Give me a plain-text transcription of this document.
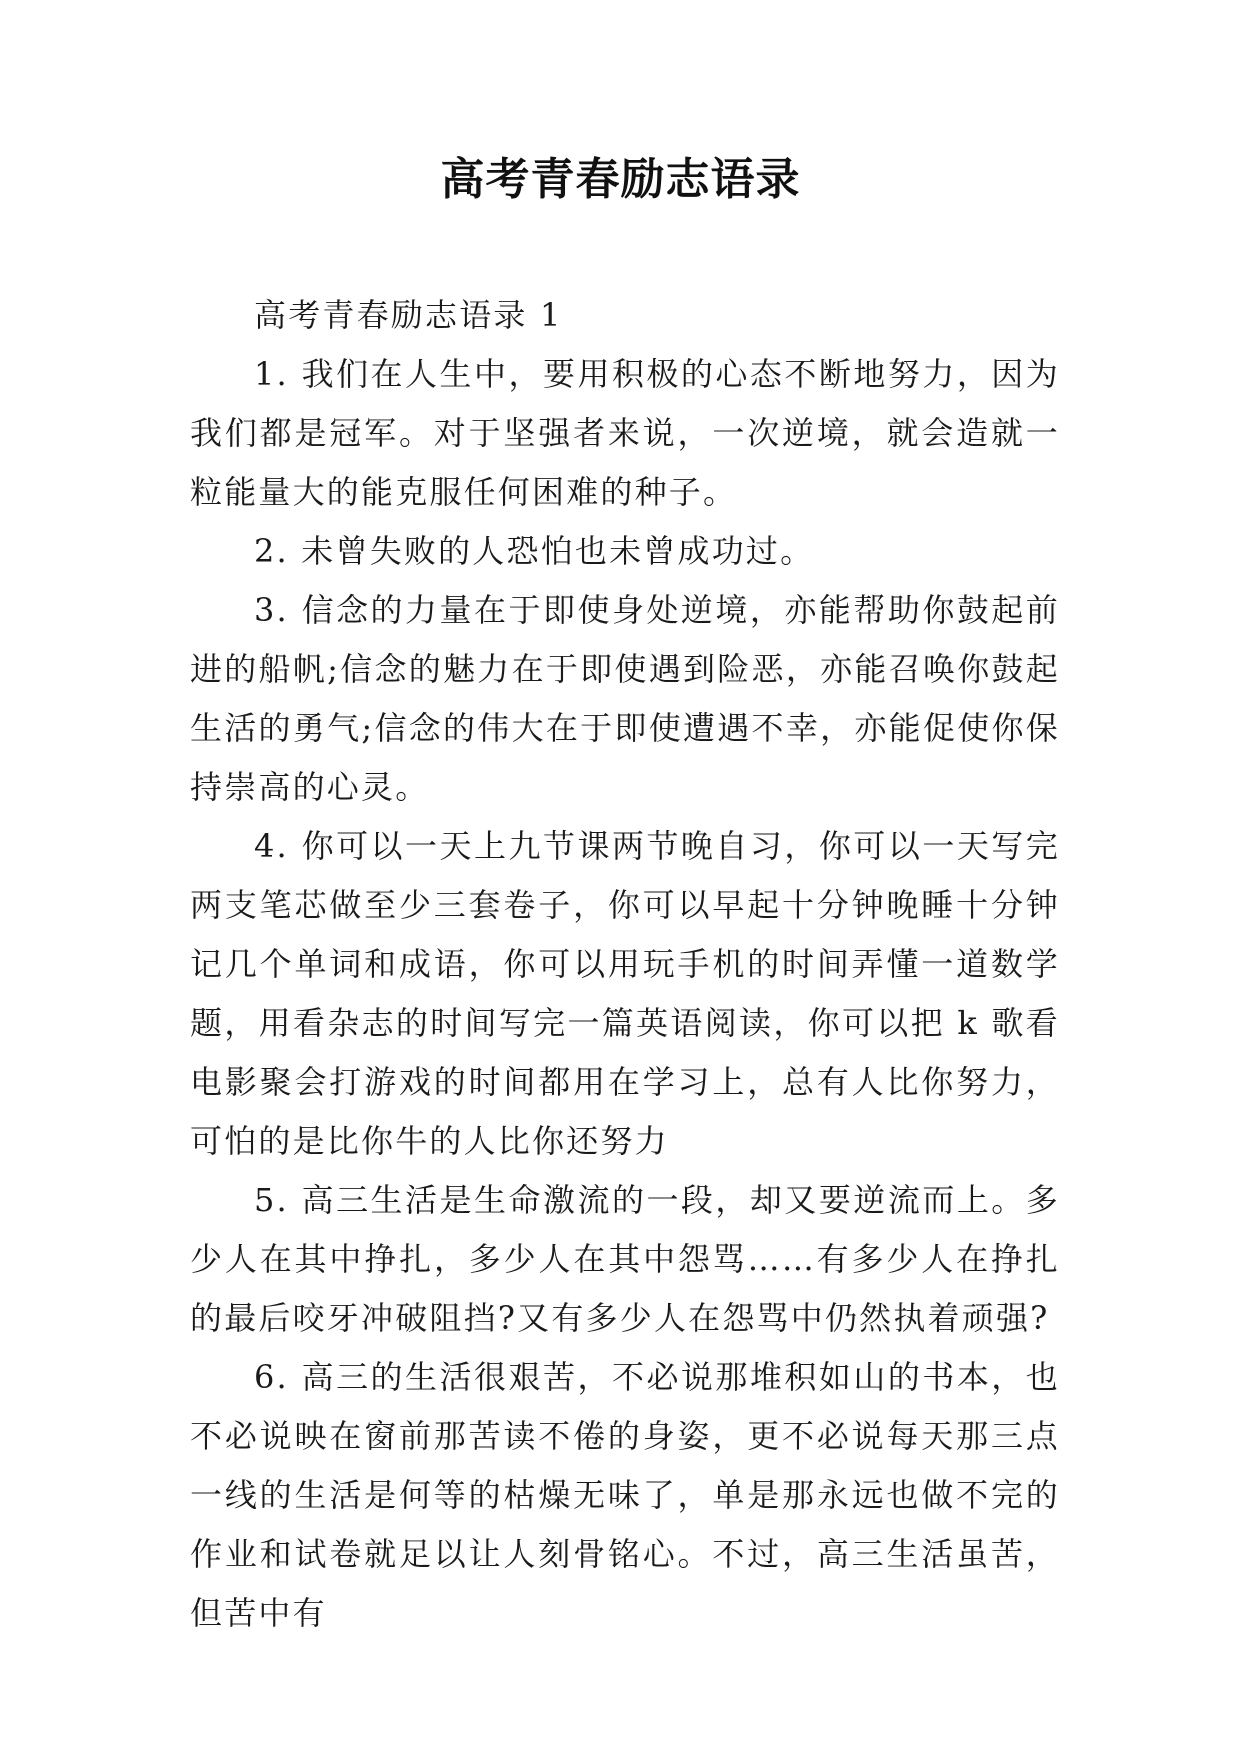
高考青春励志语录

高考青春励志语录 1

1. 我们在人生中，要用积极的心态不断地努力，因为我们都是冠军。对于坚强者来说，一次逆境，就会造就一粒能量大的能克服任何困难的种子。

2. 未曾失败的人恐怕也未曾成功过。

3. 信念的力量在于即使身处逆境，亦能帮助你鼓起前进的船帆;信念的魅力在于即使遇到险恶，亦能召唤你鼓起生活的勇气;信念的伟大在于即使遭遇不幸，亦能促使你保持崇高的心灵。

4. 你可以一天上九节课两节晚自习，你可以一天写完两支笔芯做至少三套卷子，你可以早起十分钟晚睡十分钟记几个单词和成语，你可以用玩手机的时间弄懂一道数学题，用看杂志的时间写完一篇英语阅读，你可以把 k 歌看电影聚会打游戏的时间都用在学习上，总有人比你努力，可怕的是比你牛的人比你还努力

5. 高三生活是生命激流的一段，却又要逆流而上。多少人在其中挣扎，多少人在其中怨骂……有多少人在挣扎的最后咬牙冲破阻挡?又有多少人在怨骂中仍然执着顽强?

6. 高三的生活很艰苦，不必说那堆积如山的书本，也不必说映在窗前那苦读不倦的身姿，更不必说每天那三点一线的生活是何等的枯燥无味了，单是那永远也做不完的作业和试卷就足以让人刻骨铭心。不过，高三生活虽苦，但苦中有
